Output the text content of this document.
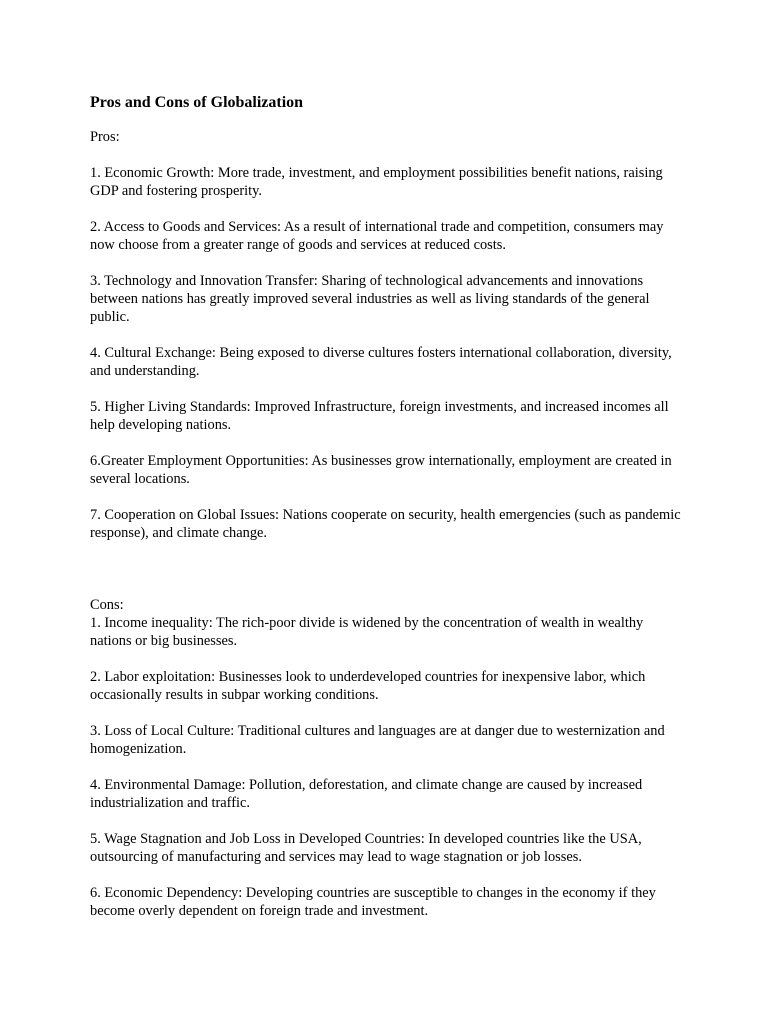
Pros and Cons of Globalization

Pros:

1. Economic Growth: More trade, investment, and employment possibilities benefit nations, raising GDP and fostering prosperity.

2. Access to Goods and Services: As a result of international trade and competition, consumers may now choose from a greater range of goods and services at reduced costs.

3. Technology and Innovation Transfer: Sharing of technological advancements and innovations between nations has greatly improved several industries as well as living standards of the general public.

4. Cultural Exchange: Being exposed to diverse cultures fosters international collaboration, diversity, and understanding.

5. Higher Living Standards: Improved Infrastructure, foreign investments, and increased incomes all help developing nations.

6.Greater Employment Opportunities: As businesses grow internationally, employment are created in several locations.

7. Cooperation on Global Issues: Nations cooperate on security, health emergencies (such as pandemic response), and climate change.

Cons:

1. Income inequality: The rich-poor divide is widened by the concentration of wealth in wealthy nations or big businesses.

2. Labor exploitation: Businesses look to underdeveloped countries for inexpensive labor, which occasionally results in subpar working conditions.

3. Loss of Local Culture: Traditional cultures and languages are at danger due to westernization and homogenization.

4. Environmental Damage: Pollution, deforestation, and climate change are caused by increased industrialization and traffic.

5. Wage Stagnation and Job Loss in Developed Countries: In developed countries like the USA, outsourcing of manufacturing and services may lead to wage stagnation or job losses.

6. Economic Dependency: Developing countries are susceptible to changes in the economy if they become overly dependent on foreign trade and investment.
